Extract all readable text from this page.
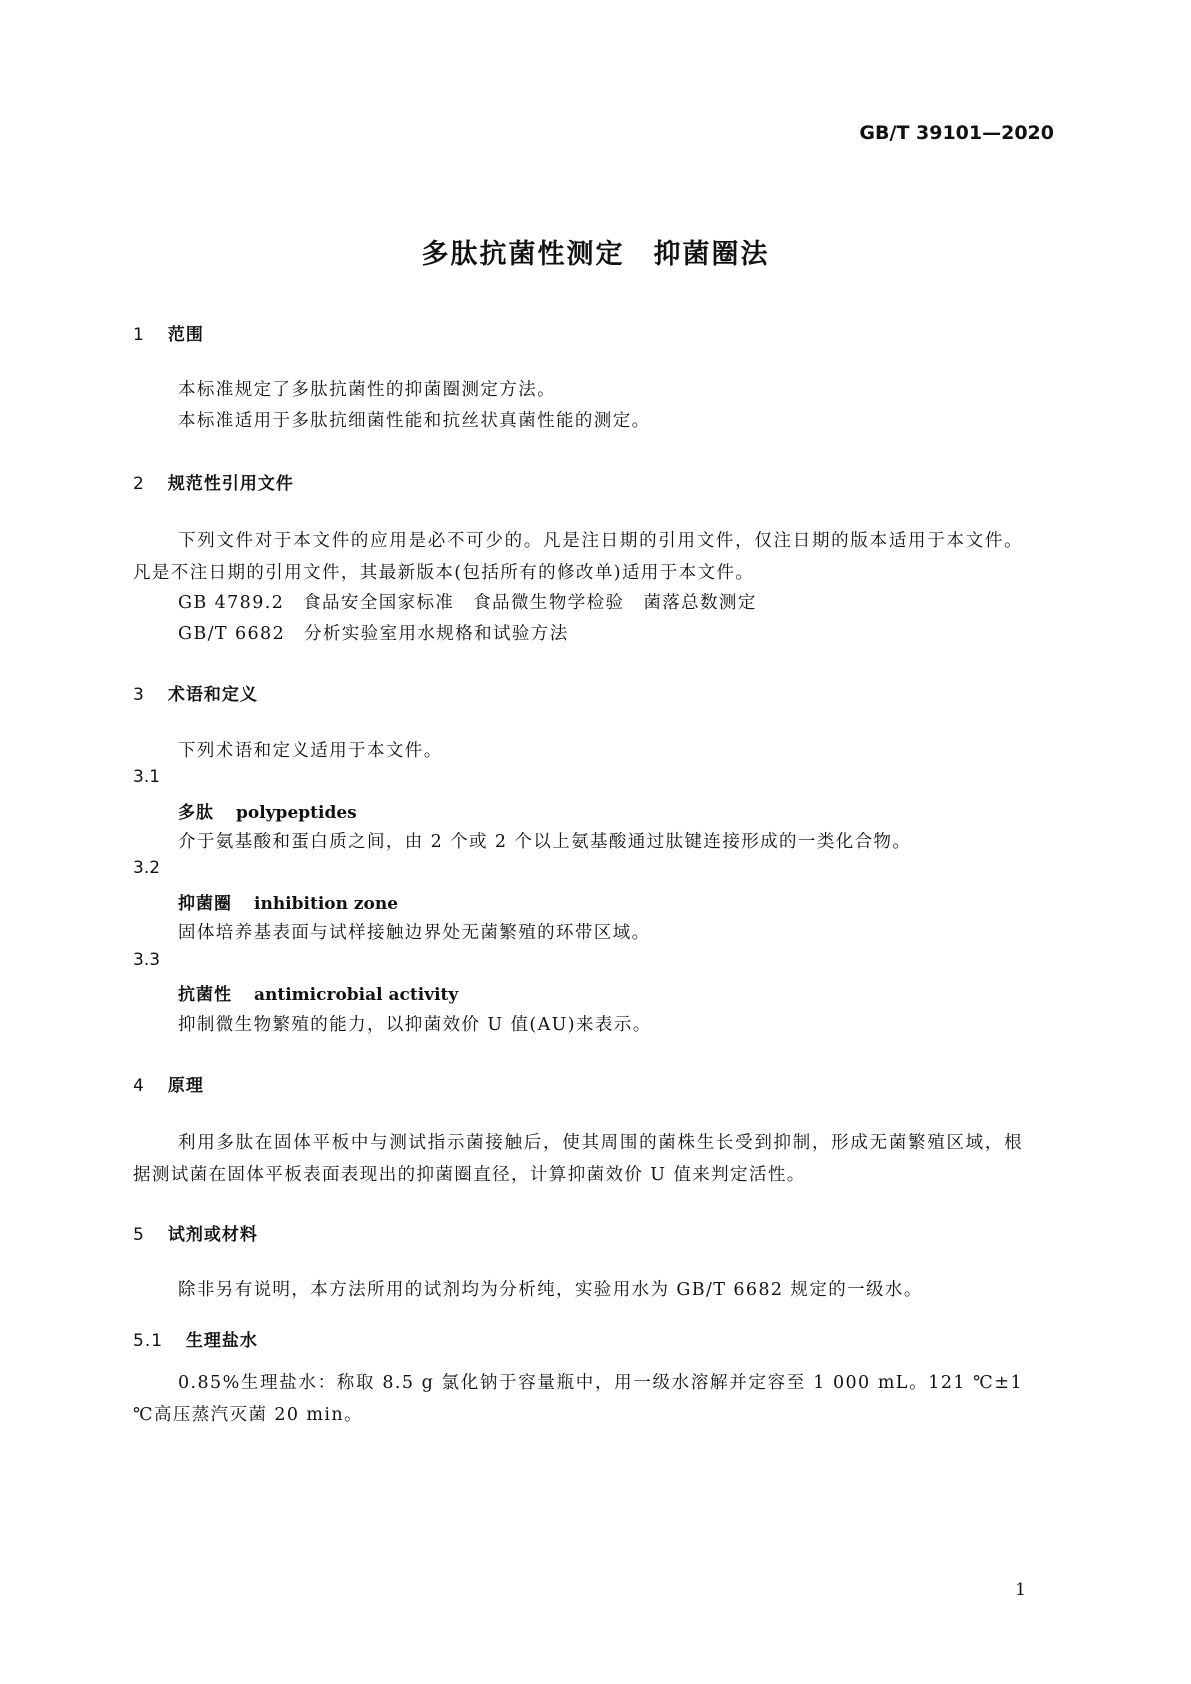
GB/T 39101—2020
多肽抗菌性测定　抑菌圈法
1 范围
本标准规定了多肽抗菌性的抑菌圈测定方法。
本标准适用于多肽抗细菌性能和抗丝状真菌性能的测定。
2 规范性引用文件
下列文件对于本文件的应用是必不可少的。凡是注日期的引用文件，仅注日期的版本适用于本文件。凡是不注日期的引用文件，其最新版本(包括所有的修改单)适用于本文件。
GB 4789.2　食品安全国家标准　食品微生物学检验　菌落总数测定
GB/T 6682　分析实验室用水规格和试验方法
3 术语和定义
下列术语和定义适用于本文件。
3.1
多肽 polypeptides
介于氨基酸和蛋白质之间，由 2 个或 2 个以上氨基酸通过肽键连接形成的一类化合物。
3.2
抑菌圈 inhibition zone
固体培养基表面与试样接触边界处无菌繁殖的环带区域。
3.3
抗菌性 antimicrobial activity
抑制微生物繁殖的能力，以抑菌效价 U 值(AU)来表示。
4 原理
利用多肽在固体平板中与测试指示菌接触后，使其周围的菌株生长受到抑制，形成无菌繁殖区域，根据测试菌在固体平板表面表现出的抑菌圈直径，计算抑菌效价 U 值来判定活性。
5 试剂或材料
除非另有说明，本方法所用的试剂均为分析纯，实验用水为 GB/T 6682 规定的一级水。
5.1 生理盐水
0.85%生理盐水：称取 8.5 g 氯化钠于容量瓶中，用一级水溶解并定容至 1 000 mL。121 ℃±1 ℃高压蒸汽灭菌 20 min。
1
